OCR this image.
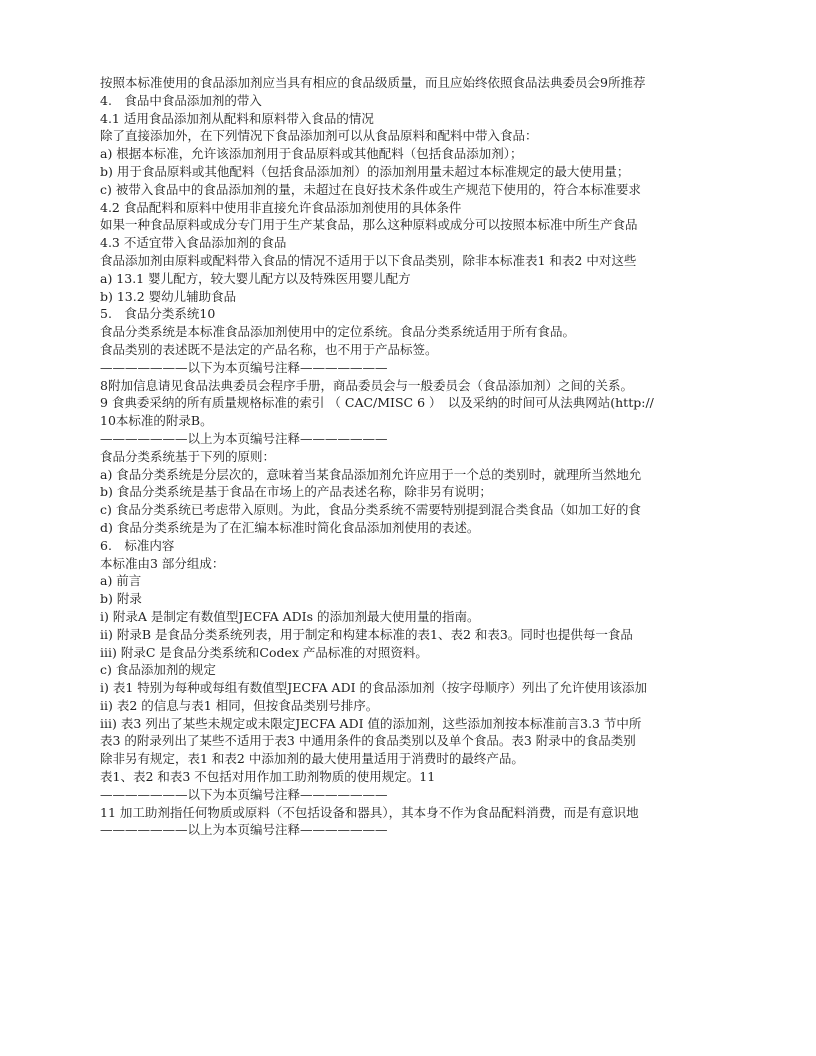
按照本标准使用的食品添加剂应当具有相应的食品级质量，而且应始终依照食品法典委员会9所推荐
4.　食品中食品添加剂的带入
4.1 适用食品添加剂从配料和原料带入食品的情况
除了直接添加外，在下列情况下食品添加剂可以从食品原料和配料中带入食品：
a) 根据本标准，允许该添加剂用于食品原料或其他配料（包括食品添加剂）；
b) 用于食品原料或其他配料（包括食品添加剂）的添加剂用量未超过本标准规定的最大使用量；
c) 被带入食品中的食品添加剂的量，未超过在良好技术条件或生产规范下使用的，符合本标准要求
4.2 食品配料和原料中使用非直接允许食品添加剂使用的具体条件
如果一种食品原料或成分专门用于生产某食品，那么这种原料或成分可以按照本标准中所生产食品
4.3 不适宜带入食品添加剂的食品
食品添加剂由原料或配料带入食品的情况不适用于以下食品类别，除非本标准表1 和表2 中对这些
a) 13.1 婴儿配方，较大婴儿配方以及特殊医用婴儿配方
b) 13.2 婴幼儿辅助食品
5.　食品分类系统10
食品分类系统是本标准食品添加剂使用中的定位系统。食品分类系统适用于所有食品。
食品类别的表述既不是法定的产品名称，也不用于产品标签。
———————以下为本页编号注释———————
8附加信息请见食品法典委员会程序手册，商品委员会与一般委员会（食品添加剂）之间的关系。
9 食典委采纳的所有质量规格标准的索引 （ CAC/MISC 6 ）　以及采纳的时间可从法典网站(http://
10本标准的附录B。
———————以上为本页编号注释———————
食品分类系统基于下列的原则：
a) 食品分类系统是分层次的，意味着当某食品添加剂允许应用于一个总的类别时，就理所当然地允
b) 食品分类系统是基于食品在市场上的产品表述名称，除非另有说明；
c) 食品分类系统已考虑带入原则。为此，食品分类系统不需要特别提到混合类食品（如加工好的食
d) 食品分类系统是为了在汇编本标准时简化食品添加剂使用的表述。
6.　标准内容
本标准由3 部分组成：
a) 前言
b) 附录
i) 附录A 是制定有数值型JECFA ADIs 的添加剂最大使用量的指南。
ii) 附录B 是食品分类系统列表，用于制定和构建本标准的表1、表2 和表3。同时也提供每一食品
iii) 附录C 是食品分类系统和Codex 产品标准的对照资料。
c) 食品添加剂的规定
i) 表1 特别为每种或每组有数值型JECFA ADI 的食品添加剂（按字母顺序）列出了允许使用该添加
ii) 表2 的信息与表1 相同，但按食品类别号排序。
iii) 表3 列出了某些未规定或未限定JECFA ADI 值的添加剂，这些添加剂按本标准前言3.3 节中所
表3 的附录列出了某些不适用于表3 中通用条件的食品类别以及单个食品。表3 附录中的食品类别
除非另有规定，表1 和表2 中添加剂的最大使用量适用于消费时的最终产品。
表1、表2 和表3 不包括对用作加工助剂物质的使用规定。11
———————以下为本页编号注释———————
11 加工助剂指任何物质或原料（不包括设备和器具），其本身不作为食品配料消费，而是有意识地
———————以上为本页编号注释———————
